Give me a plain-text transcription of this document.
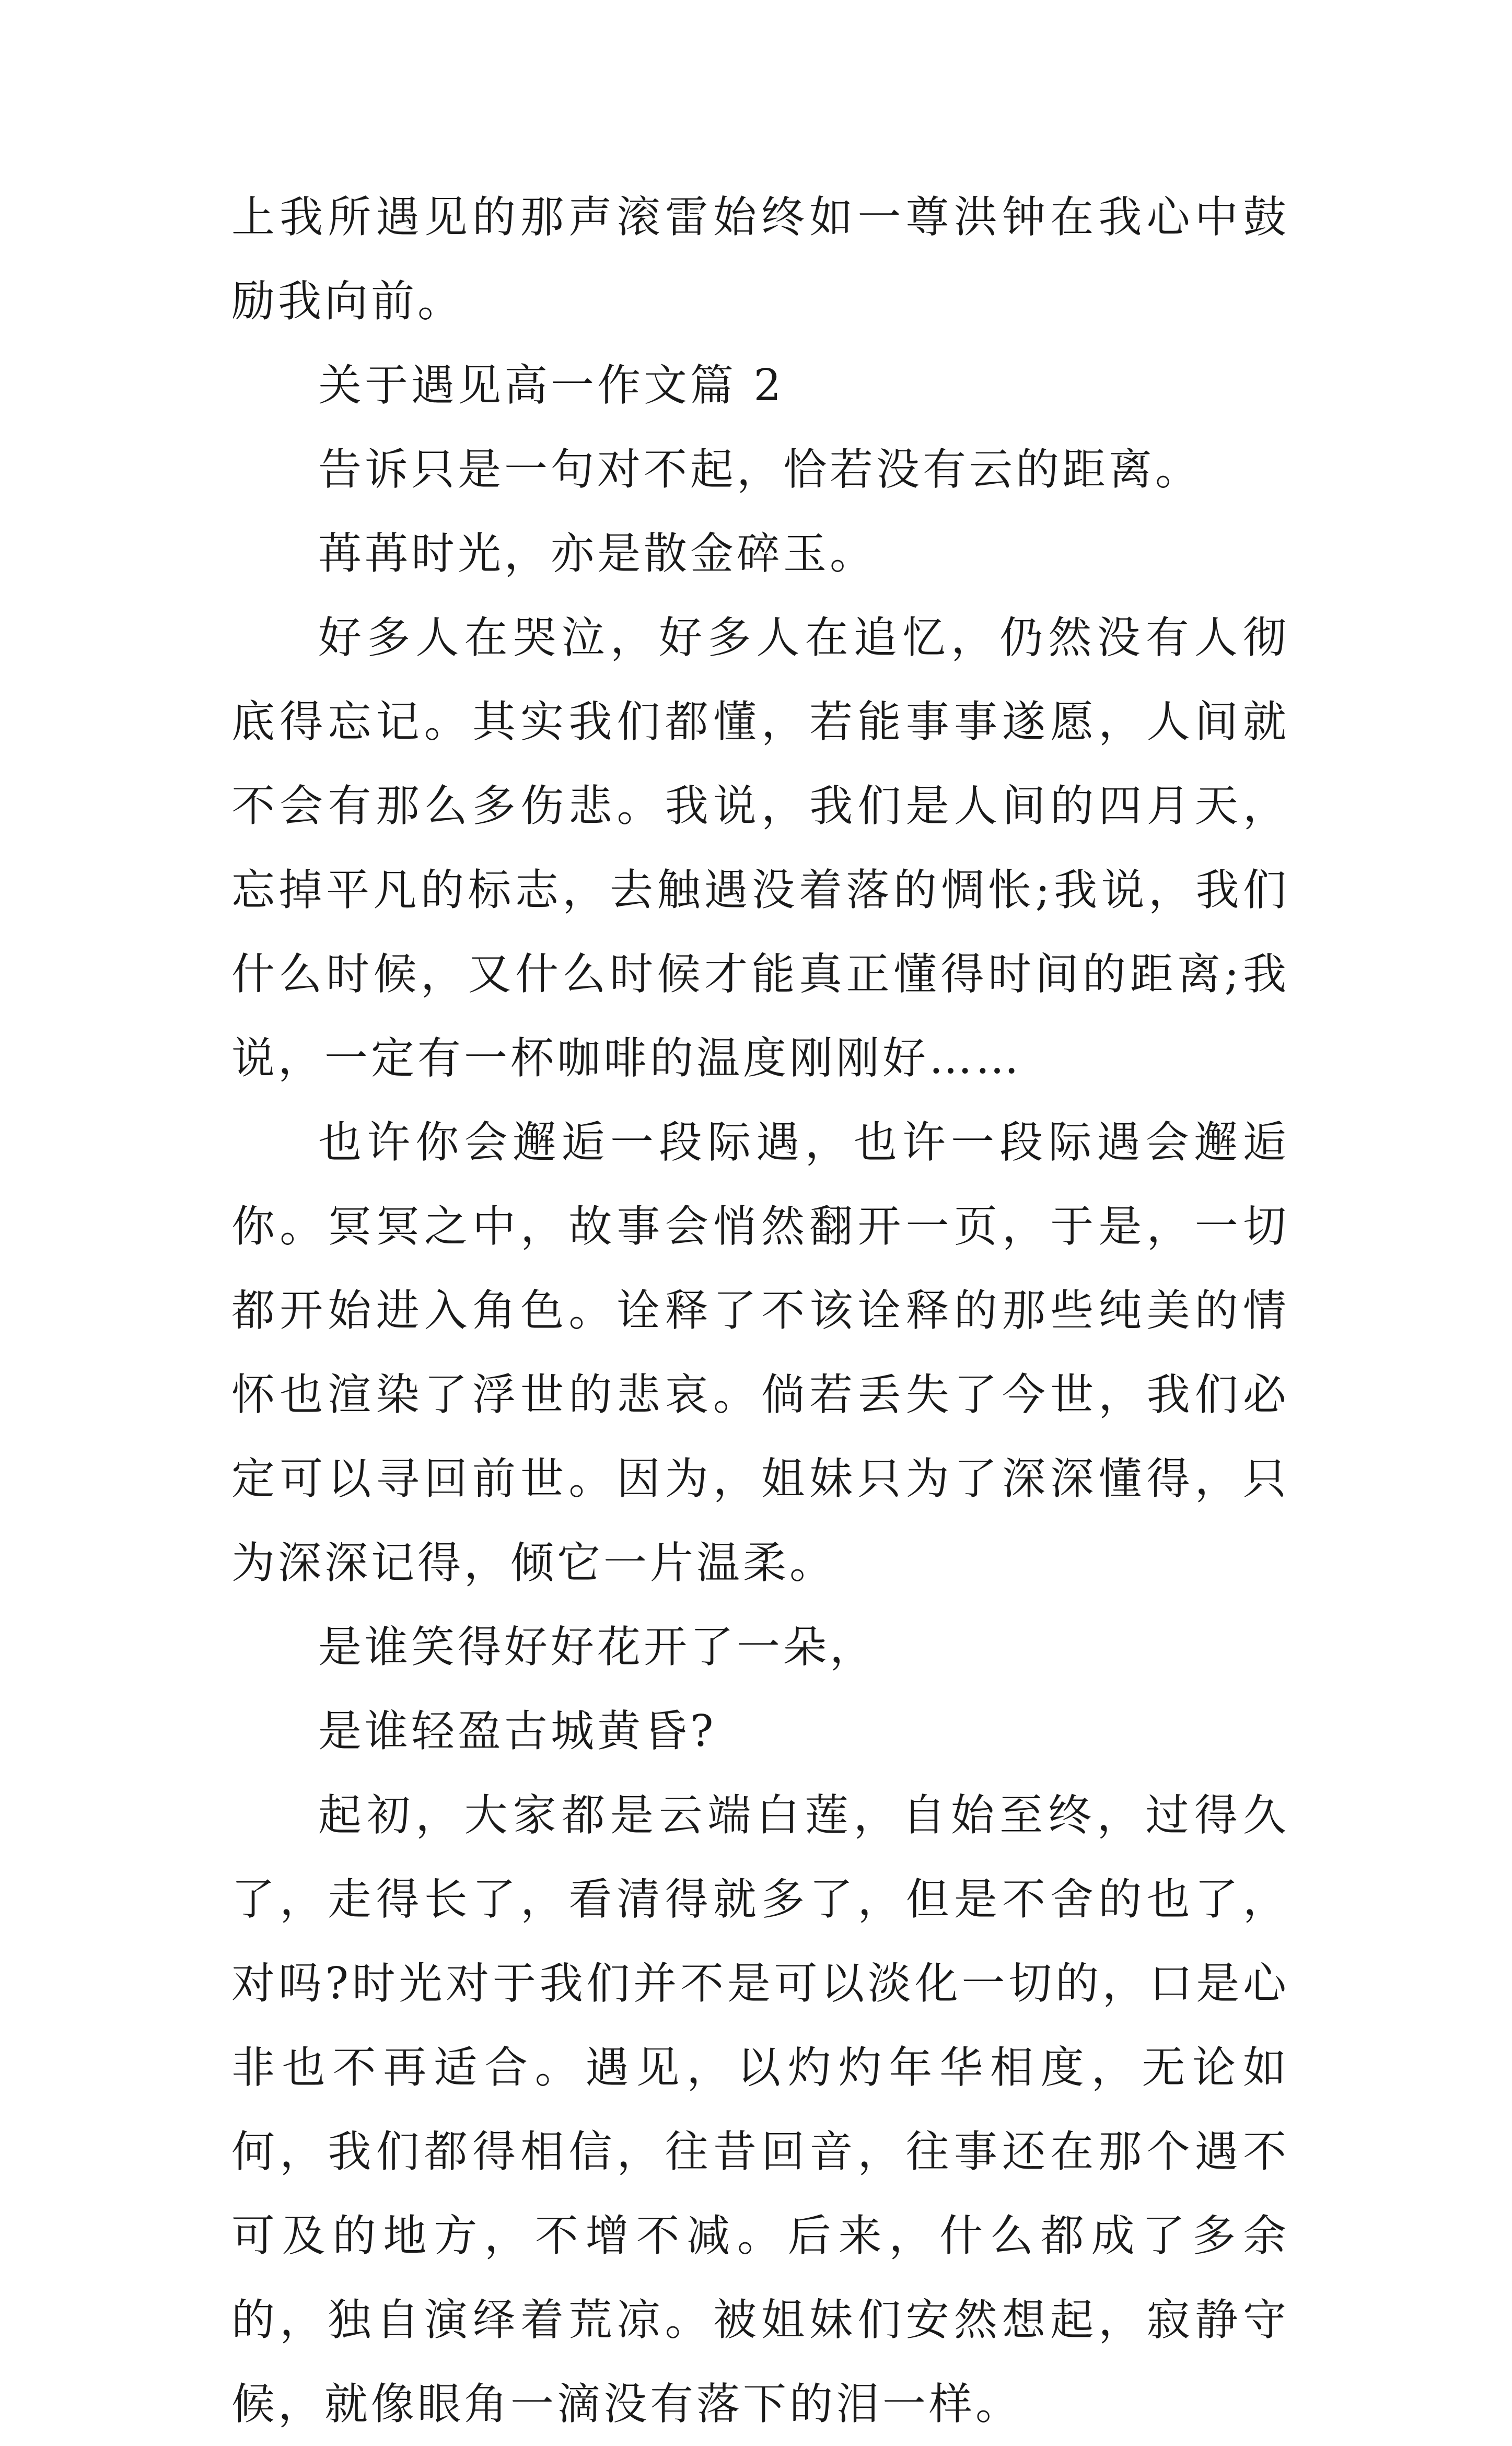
上我所遇见的那声滚雷始终如一尊洪钟在我心中鼓励我向前。

关于遇见高一作文篇 2

告诉只是一句对不起，恰若没有云的距离。

苒苒时光，亦是散金碎玉。

好多人在哭泣，好多人在追忆，仍然没有人彻底得忘记。其实我们都懂，若能事事遂愿，人间就不会有那么多伤悲。我说，我们是人间的四月天，忘掉平凡的标志，去触遇没着落的惆怅;我说，我们什么时候，又什么时候才能真正懂得时间的距离;我说，一定有一杯咖啡的温度刚刚好……

也许你会邂逅一段际遇，也许一段际遇会邂逅你。冥冥之中，故事会悄然翻开一页，于是，一切都开始进入角色。诠释了不该诠释的那些纯美的情怀也渲染了浮世的悲哀。倘若丢失了今世，我们必定可以寻回前世。因为，姐妹只为了深深懂得，只为深深记得，倾它一片温柔。

是谁笑得好好花开了一朵，

是谁轻盈古城黄昏?

起初，大家都是云端白莲，自始至终，过得久了，走得长了，看清得就多了，但是不舍的也了，对吗?时光对于我们并不是可以淡化一切的，口是心非也不再适合。遇见，以灼灼年华相度，无论如何，我们都得相信，往昔回音，往事还在那个遇不可及的地方，不增不减。后来，什么都成了多余的，独自演绎着荒凉。被姐妹们安然想起，寂静守候，就像眼角一滴没有落下的泪一样。
